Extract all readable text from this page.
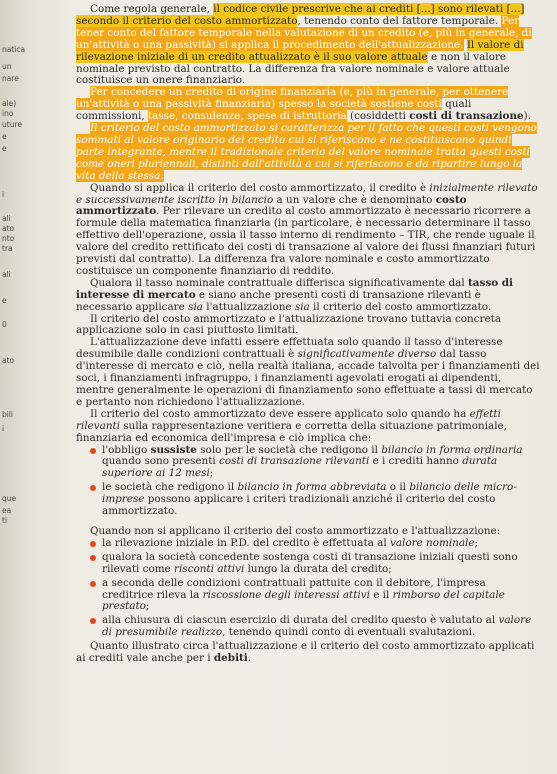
natica
un
nare
ale)
ino
uture
e
e
i
ali
ato
nto
tra
ali
e
0
ato
bili
i
que
ea
ti

Come regola generale, il codice civile prescrive che ai crediti [...] sono rilevati [...] secondo il criterio del costo ammortizzato, tenendo conto del fattore temporale. Per tener conto del fattore temporale nella valutazione di un credito (e, più in generale, di un'attività o una passività) si applica il procedimento dell'attualizzazione. Il valore di rilevazione iniziale di un credito attualizzato è il suo valore attuale e non il valore nominale previsto dal contratto. La differenza fra valore nominale e valore attuale costituisce un onere finanziario.

Per concedere un credito di origine finanziaria (e, più in generale, per ottenere un'attività o una passività finanziaria) spesso la società sostiene costi quali commissioni, tasse, consulenze, spese di istruttoria (cosiddetti costi di transazione).

Il criterio del costo ammortizzato si caratterizza per il fatto che questi costi vengono sommati al valore originario del credito cui si riferiscono e ne costituiscono quindi parte integrante, mentre il tradizionale criterio del valore nominale tratta questi costi come oneri pluriennali, distinti dall'attività a cui si riferiscono e da ripartire lungo la vita della stessa.

Quando si applica il criterio del costo ammortizzato, il credito è inizialmente rilevato e successivamente iscritto in bilancio a un valore che è denominato costo ammortizzato. Per rilevare un credito al costo ammortizzato è necessario ricorrere a formule della matematica finanziaria (in particolare, è necessario determinare il tasso effettivo dell'operazione, ossia il tasso interno di rendimento – TIR, che rende uguale il valore del credito rettificato dei costi di transazione al valore dei flussi finanziari futuri previsti dal contratto). La differenza fra valore nominale e costo ammortizzato costituisce un componente finanziario di reddito.

Qualora il tasso nominale contrattuale differisca significativamente dal tasso di interesse di mercato e siano anche presenti costi di transazione rilevanti è necessario applicare sia l'attualizzazione sia il criterio del costo ammortizzato.

Il criterio del costo ammortizzato e l'attualizzazione trovano tuttavia concreta applicazione solo in casi piuttosto limitati.

L'attualizzazione deve infatti essere effettuata solo quando il tasso d'interesse desumibile dalle condizioni contrattuali è significativamente diverso dal tasso d'interesse di mercato e ciò, nella realtà italiana, accade talvolta per i finanziamenti dei soci, i finanziamenti infragruppo, i finanziamenti agevolati erogati ai dipendenti, mentre generalmente le operazioni di finanziamento sono effettuate a tassi di mercato e pertanto non richiedono l'attualizzazione.

Il criterio del costo ammortizzato deve essere applicato solo quando ha effetti rilevanti sulla rappresentazione veritiera e corretta della situazione patrimoniale, finanziaria ed economica dell'impresa e ciò implica che:

l'obbligo sussiste solo per le società che redigono il bilancio in forma ordinaria quando sono presenti costi di transazione rilevanti e i crediti hanno durata superiore ai 12 mesi;
le società che redigono il bilancio in forma abbreviata o il bilancio delle micro-imprese possono applicare i criteri tradizionali anziché il criterio del costo ammortizzato.

Quando non si applicano il criterio del costo ammortizzato e l'attualizzazione:

la rilevazione iniziale in P.D. del credito è effettuata al valore nominale;
qualora la società concedente sostenga costi di transazione iniziali questi sono rilevati come risconti attivi lungo la durata del credito;
a seconda delle condizioni contrattuali pattuite con il debitore, l'impresa creditrice rileva la riscossione degli interessi attivi e il rimborso del capitale prestato;
alla chiusura di ciascun esercizio di durata del credito questo è valutato al valore di presumibile realizzo, tenendo quindi conto di eventuali svalutazioni.

Quanto illustrato circa l'attualizzazione e il criterio del costo ammortizzato applicati ai crediti vale anche per i debiti.
